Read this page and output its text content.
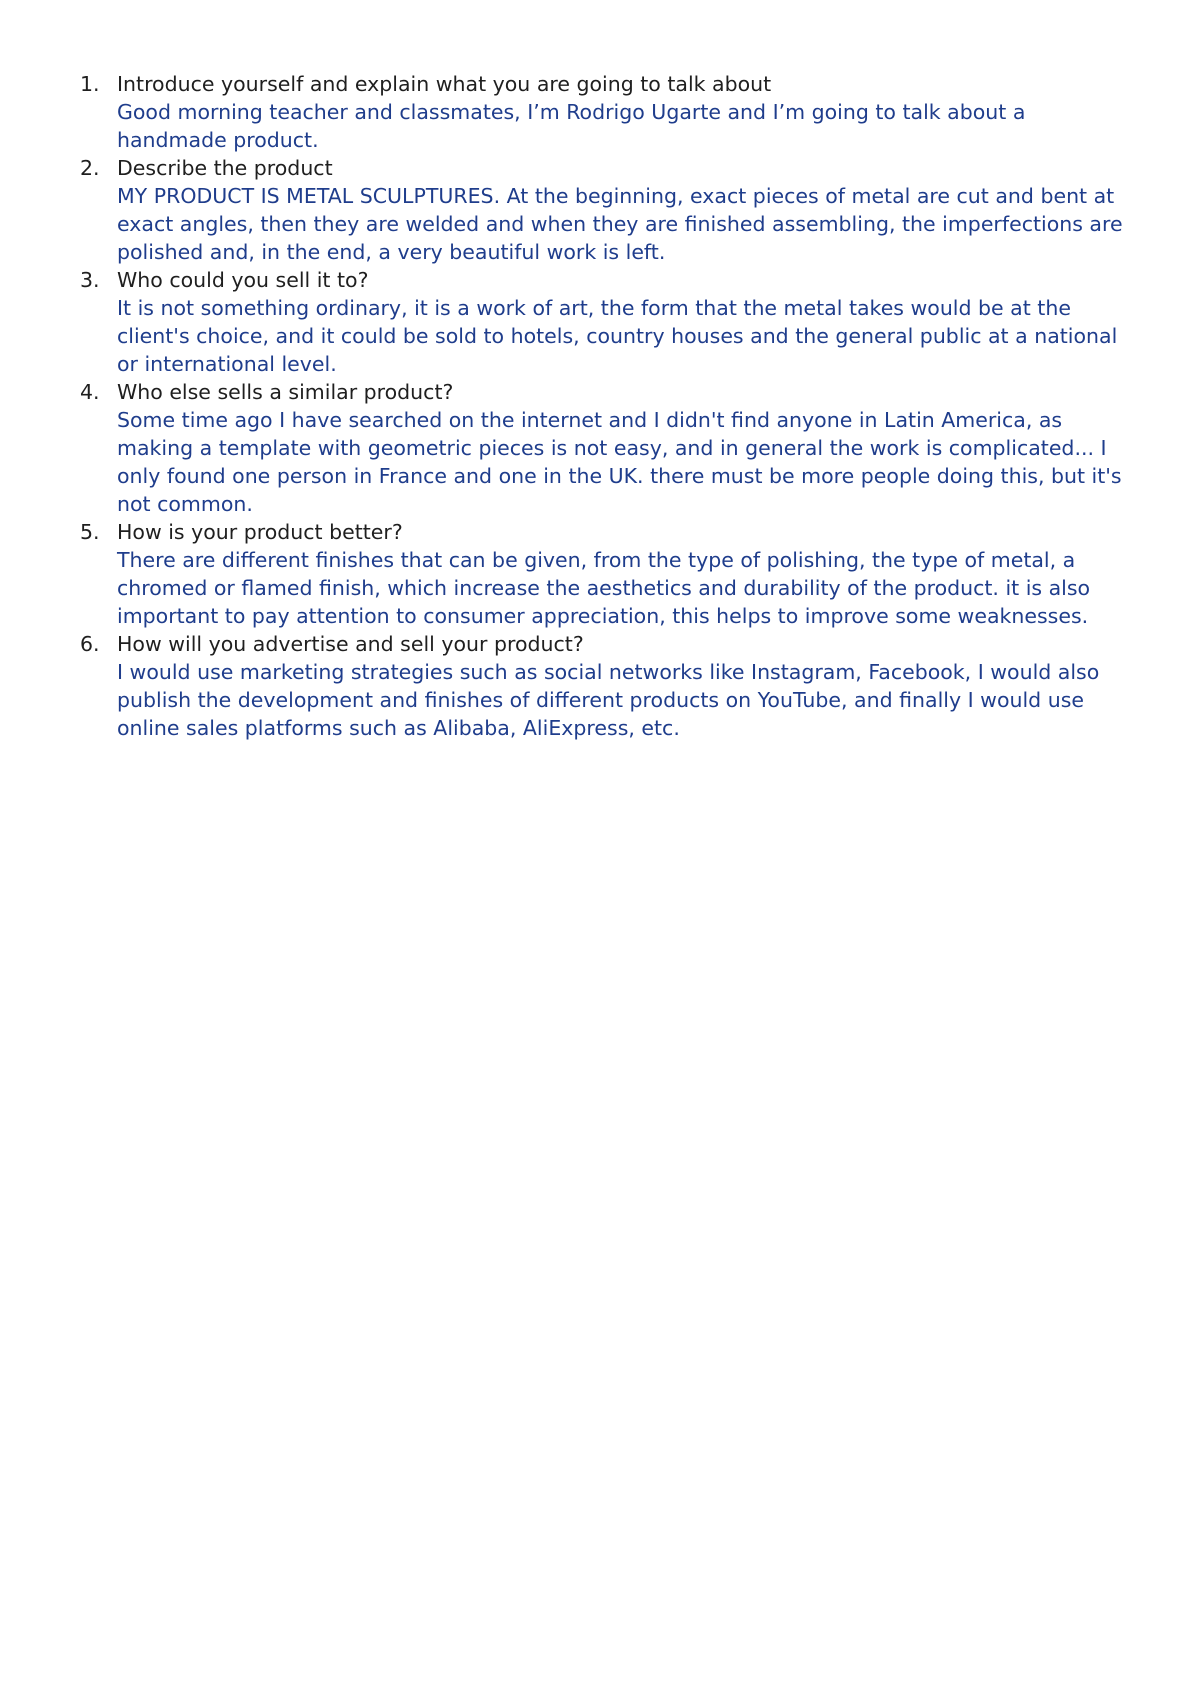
1. Introduce yourself and explain what you are going to talk about
Good morning teacher and classmates, I’m Rodrigo Ugarte and I’m going to talk about a handmade product.
2. Describe the product
MY PRODUCT IS METAL SCULPTURES. At the beginning, exact pieces of metal are cut and bent at exact angles, then they are welded and when they are finished assembling, the imperfections are polished and, in the end, a very beautiful work is left.
3. Who could you sell it to?
It is not something ordinary, it is a work of art, the form that the metal takes would be at the client's choice, and it could be sold to hotels, country houses and the general public at a national or international level.
4. Who else sells a similar product?
Some time ago I have searched on the internet and I didn't find anyone in Latin America, as making a template with geometric pieces is not easy, and in general the work is complicated... I only found one person in France and one in the UK. there must be more people doing this, but it's not common.
5. How is your product better?
There are different finishes that can be given, from the type of polishing, the type of metal, a chromed or flamed finish, which increase the aesthetics and durability of the product. it is also important to pay attention to consumer appreciation, this helps to improve some weaknesses.
6. How will you advertise and sell your product?
I would use marketing strategies such as social networks like Instagram, Facebook, I would also publish the development and finishes of different products on YouTube, and finally I would use online sales platforms such as Alibaba, AliExpress, etc.
